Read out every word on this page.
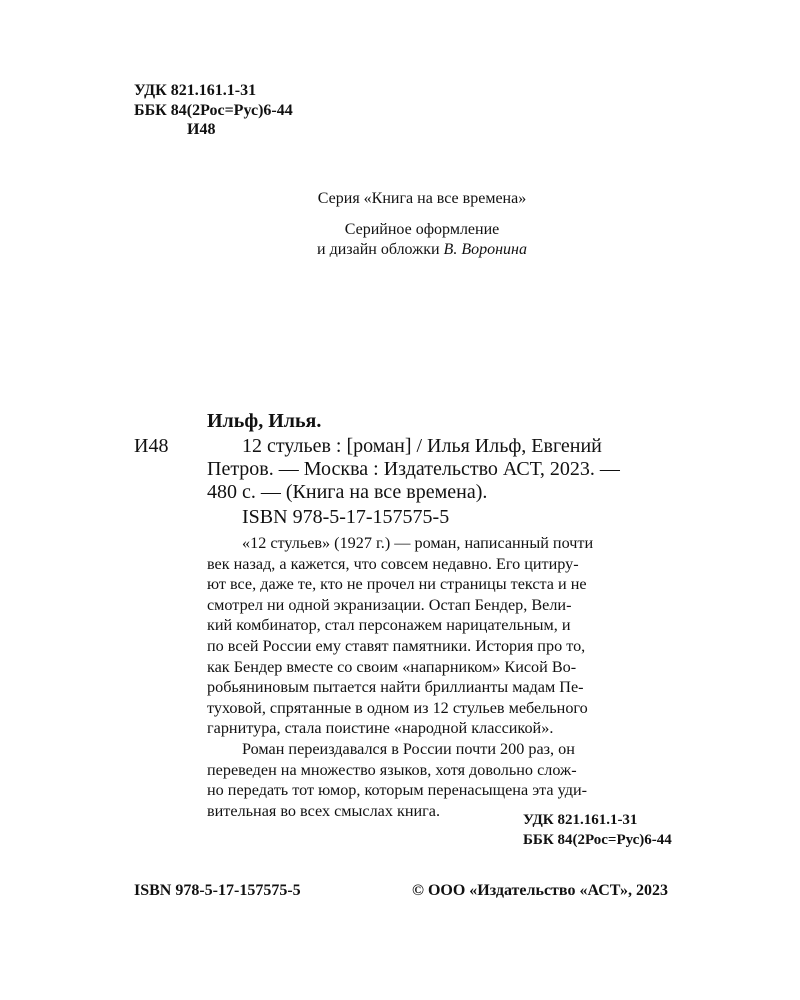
УДК 821.161.1-31
ББК 84(2Рос=Рус)6-44
И48
Серия «Книга на все времена»
Серийное оформление
и дизайн обложки В. Воронина
Ильф, Илья.
И48	12 стульев : [роман] / Илья Ильф, Евгений
Петров. — Москва : Издательство АСТ, 2023. —
480 с. — (Книга на все времена).
ISBN 978-5-17-157575-5
«12 стульев» (1927 г.) — роман, написанный почти
век назад, а кажется, что совсем недавно. Его цитиру-
ют все, даже те, кто не прочел ни страницы текста и не
смотрел ни одной экранизации. Остап Бендер, Вели-
кий комбинатор, стал персонажем нарицательным, и
по всей России ему ставят памятники. История про то,
как Бендер вместе со своим «напарником» Кисой Во-
робьяниновым пытается найти бриллианты мадам Пе-
туховой, спрятанные в одном из 12 стульев мебельного
гарнитура, стала поистине «народной классикой».
Роман переиздавался в России почти 200 раз, он
переведен на множество языков, хотя довольно слож-
но передать тот юмор, которым перенасыщена эта уди-
вительная во всех смыслах книга.
УДК 821.161.1-31
ББК 84(2Рос=Рус)6-44
ISBN 978-5-17-157575-5	© ООО «Издательство «АСТ», 2023
